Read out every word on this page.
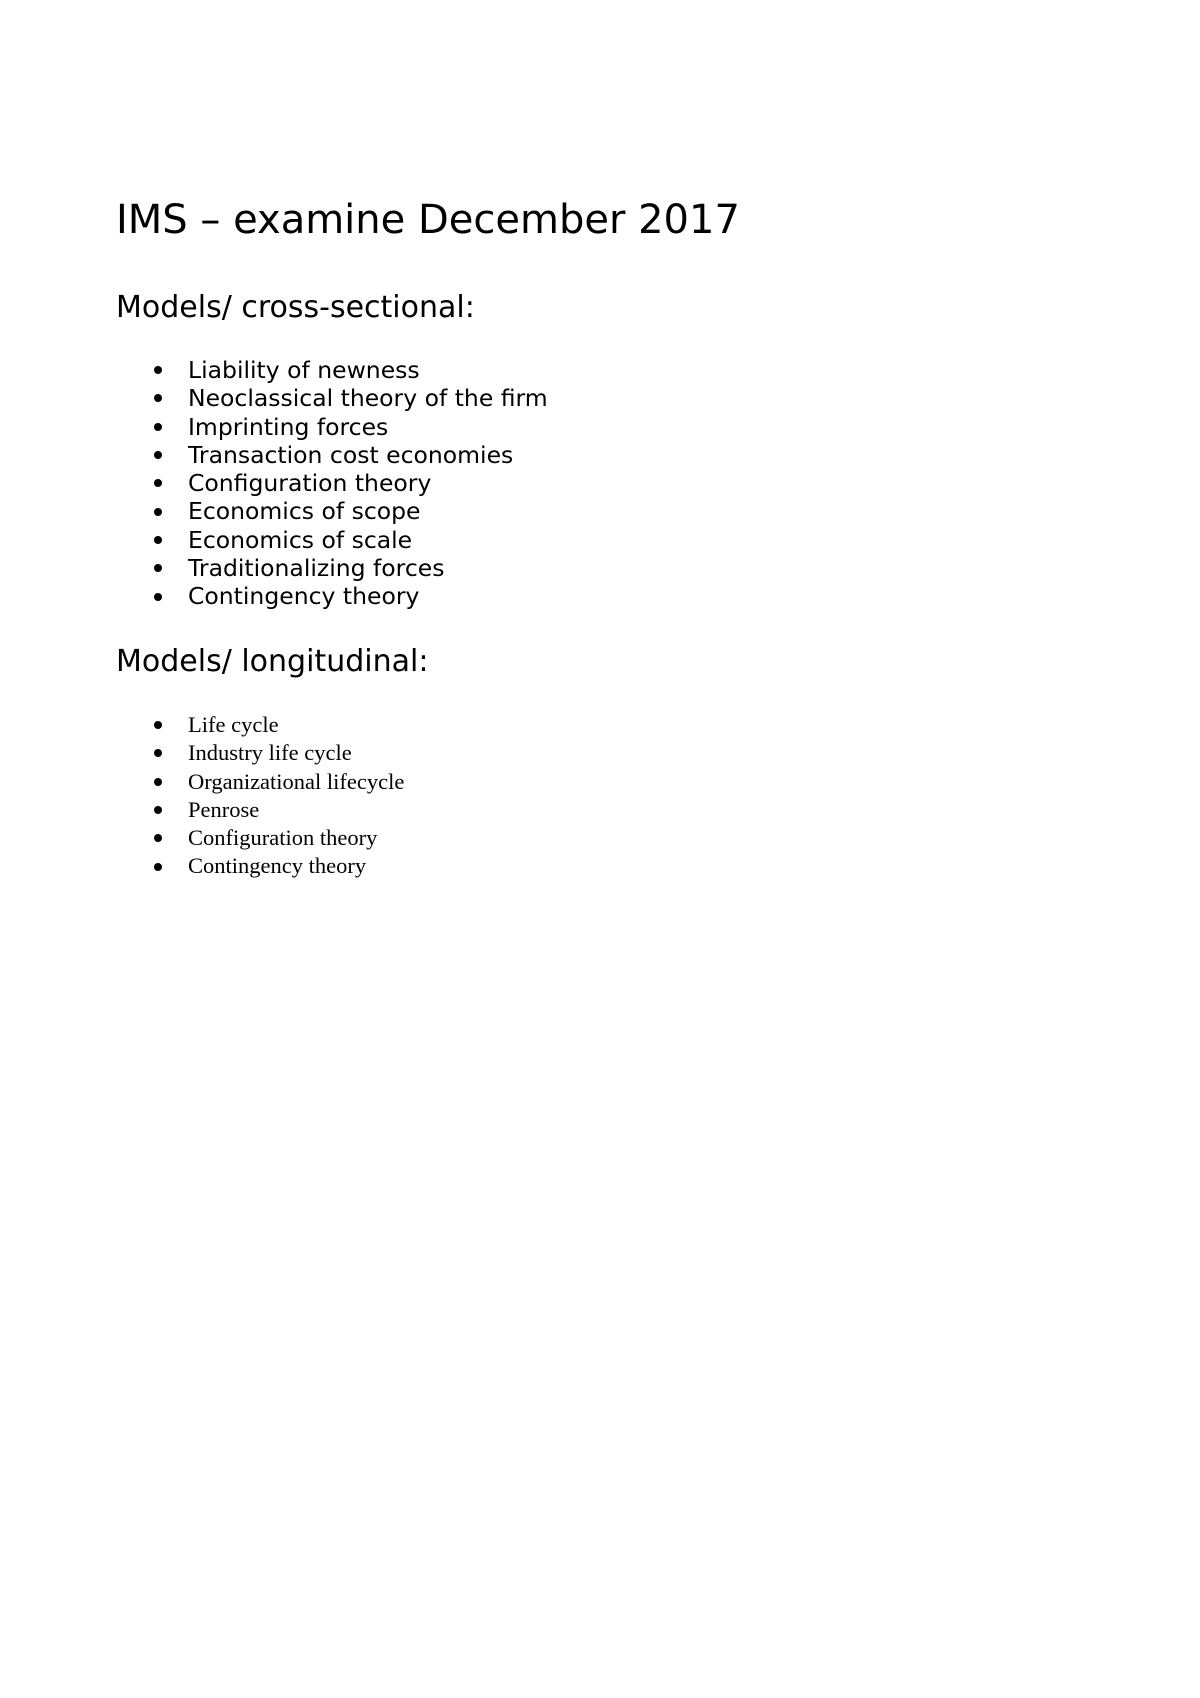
IMS – examine December 2017
Models/ cross-sectional:
Liability of newness
Neoclassical theory of the firm
Imprinting forces
Transaction cost economies
Configuration theory
Economics of scope
Economics of scale
Traditionalizing forces
Contingency theory
Models/ longitudinal:
Life cycle
Industry life cycle
Organizational lifecycle
Penrose
Configuration theory
Contingency theory
